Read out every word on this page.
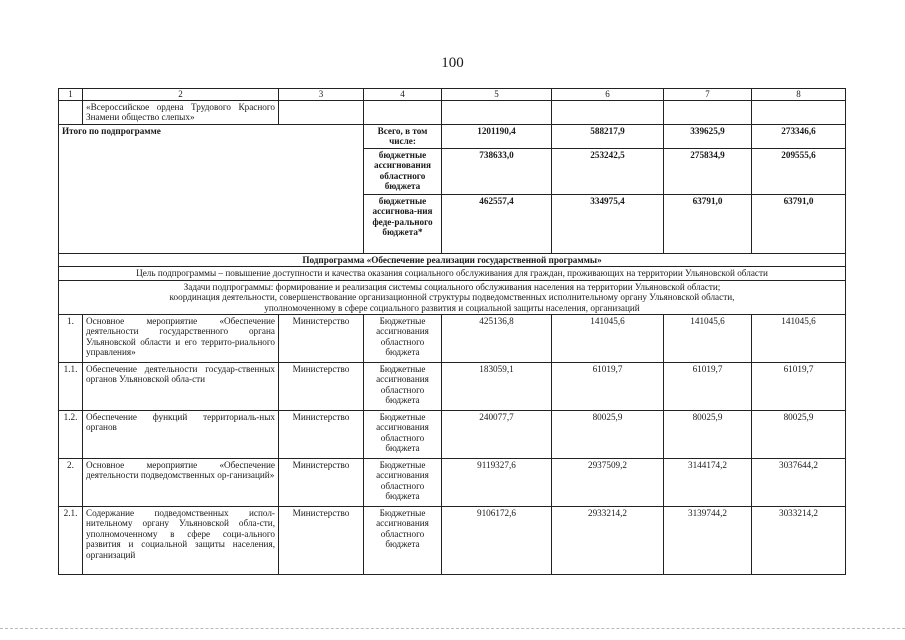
100
1	2	3	4	5	6	7	8
	«Всероссийское ордена Трудового Красного Знамени общество слепых»						
Итого по подпрограмме			Всего, в том числе:	1201190,4	588217,9	339625,9	273346,6
			бюджетные ассигнования областного бюджета	738633,0	253242,5	275834,9	209555,6
			бюджетные ассигнова-ния феде-рального бюджета*	462557,4	334975,4	63791,0	63791,0
Подпрограмма «Обеспечение реализации государственной программы»							
Цель подпрограммы – повышение доступности и качества оказания социального обслуживания для граждан, проживающих на территории Ульяновской области							

Задачи подпрограммы: формирование и реализация системы социального обслуживания населения на территории Ульяновской области;
координация деятельности, совершенствование организационной структуры подведомственных исполнительному органу Ульяновской области,
уполномоченному в сфере социального развития и социальной защиты населения, организаций							

1.	Основное мероприятие «Обеспечение деятельности государственного органа Ульяновской области и его террито-риального управления»	Министерство	Бюджетные ассигнования областного бюджета	425136,8	141045,6	141045,6	141045,6
1.1.	Обеспечение деятельности государ-ственных органов Ульяновской обла-сти	Министерство	Бюджетные ассигнования областного бюджета	183059,1	61019,7	61019,7	61019,7
1.2.	Обеспечение функций территориаль-ных органов	Министерство	Бюджетные ассигнования областного бюджета	240077,7	80025,9	80025,9	80025,9
2.	Основное мероприятие «Обеспечение деятельности подведомственных ор-ганизаций»	Министерство	Бюджетные ассигнования областного бюджета	9119327,6	2937509,2	3144174,2	3037644,2
2.1.	Содержание подведомственных испол-нительному органу Ульяновской обла-сти, уполномоченному в сфере соци-ального развития и социальной защиты населения, организаций	Министерство	Бюджетные ассигнования областного бюджета	9106172,6	2933214,2	3139744,2	3033214,2
